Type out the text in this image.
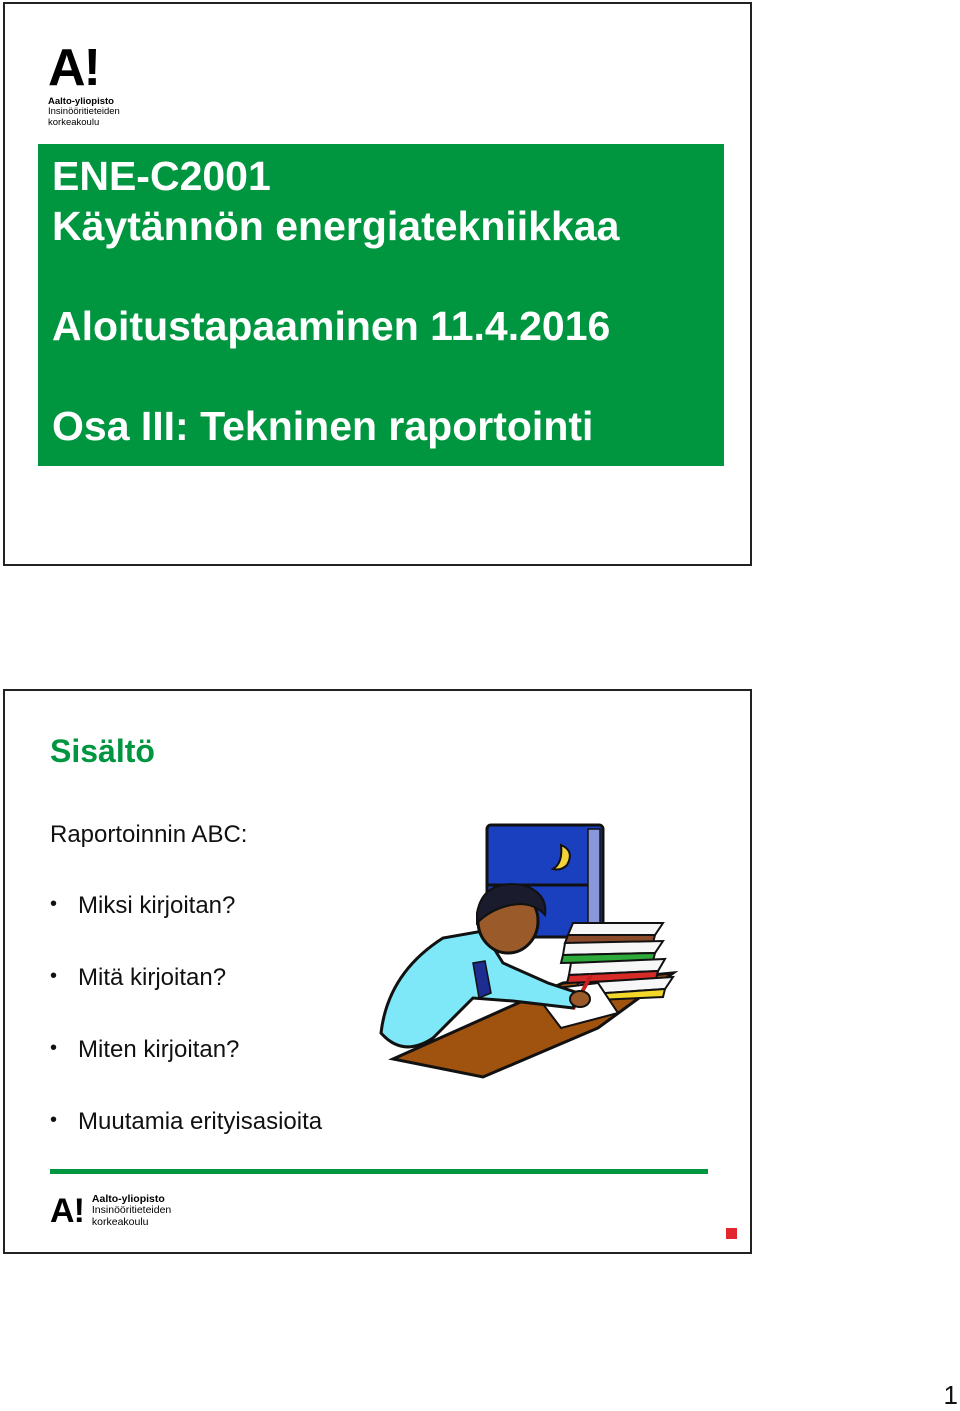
A!
Aalto-yliopisto
Insinööritieteiden
korkeakoulu
ENE-C2001
Käytännön energiatekniikkaa
Aloitustapaaminen 11.4.2016
Osa III: Tekninen raportointi
Sisältö
Raportoinnin ABC:
• Miksi kirjoitan?
• Mitä kirjoitan?
• Miten kirjoitan?
• Muutamia erityisasioita
A! Aalto-yliopisto
Insinööritieteiden
korkeakoulu
1
